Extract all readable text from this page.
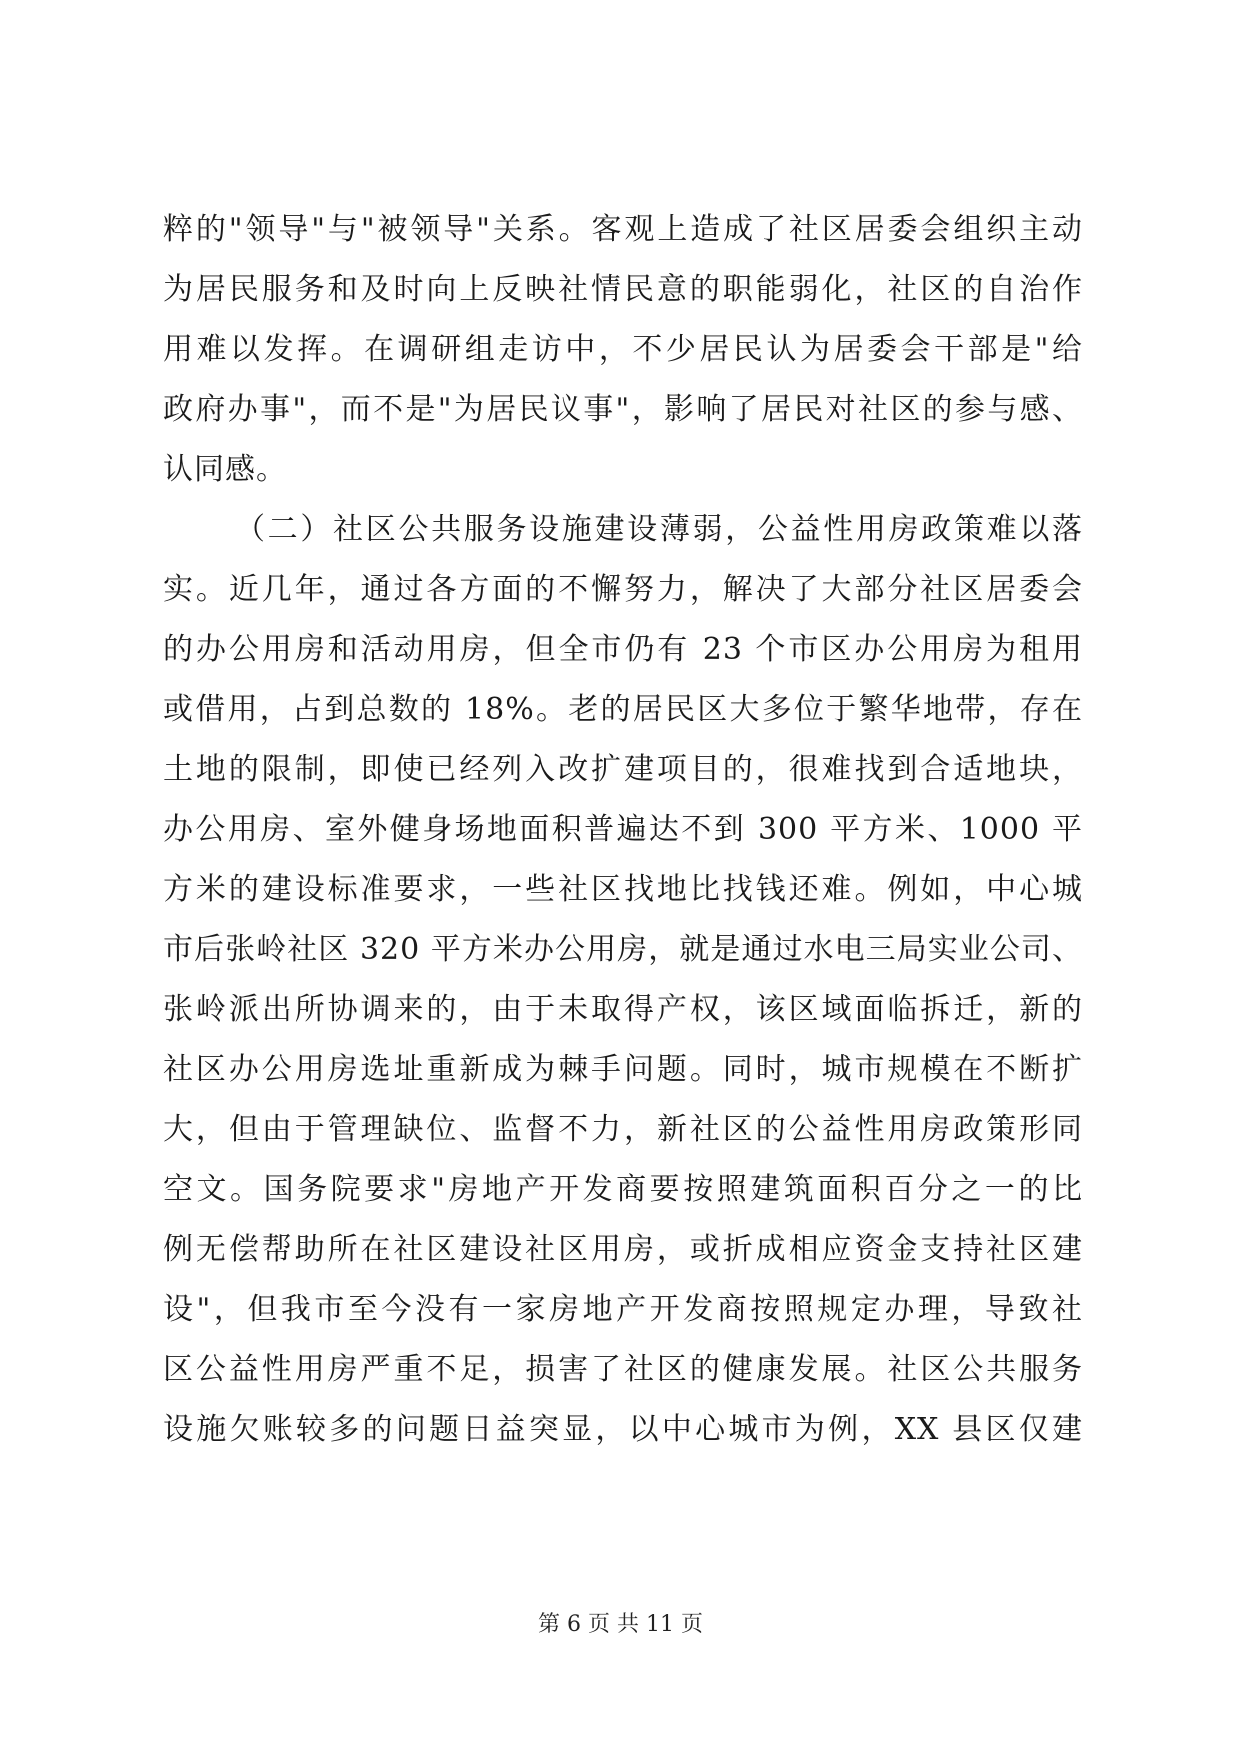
粹的"领导"与"被领导"关系。客观上造成了社区居委会组织主动
为居民服务和及时向上反映社情民意的职能弱化，社区的自治作
用难以发挥。在调研组走访中，不少居民认为居委会干部是"给
政府办事"，而不是"为居民议事"，影响了居民对社区的参与感、
认同感。
（二）社区公共服务设施建设薄弱，公益性用房政策难以落
实。近几年，通过各方面的不懈努力，解决了大部分社区居委会
的办公用房和活动用房，但全市仍有 23 个市区办公用房为租用
或借用，占到总数的 18%。老的居民区大多位于繁华地带，存在
土地的限制，即使已经列入改扩建项目的，很难找到合适地块，
办公用房、室外健身场地面积普遍达不到 300 平方米、1000 平
方米的建设标准要求，一些社区找地比找钱还难。例如，中心城
市后张岭社区 320 平方米办公用房，就是通过水电三局实业公司、
张岭派出所协调来的，由于未取得产权，该区域面临拆迁，新的
社区办公用房选址重新成为棘手问题。同时，城市规模在不断扩
大，但由于管理缺位、监督不力，新社区的公益性用房政策形同
空文。国务院要求"房地产开发商要按照建筑面积百分之一的比
例无偿帮助所在社区建设社区用房，或折成相应资金支持社区建
设"，但我市至今没有一家房地产开发商按照规定办理，导致社
区公益性用房严重不足，损害了社区的健康发展。社区公共服务
设施欠账较多的问题日益突显，以中心城市为例，XX 县区仅建
第 6 页 共 11 页
